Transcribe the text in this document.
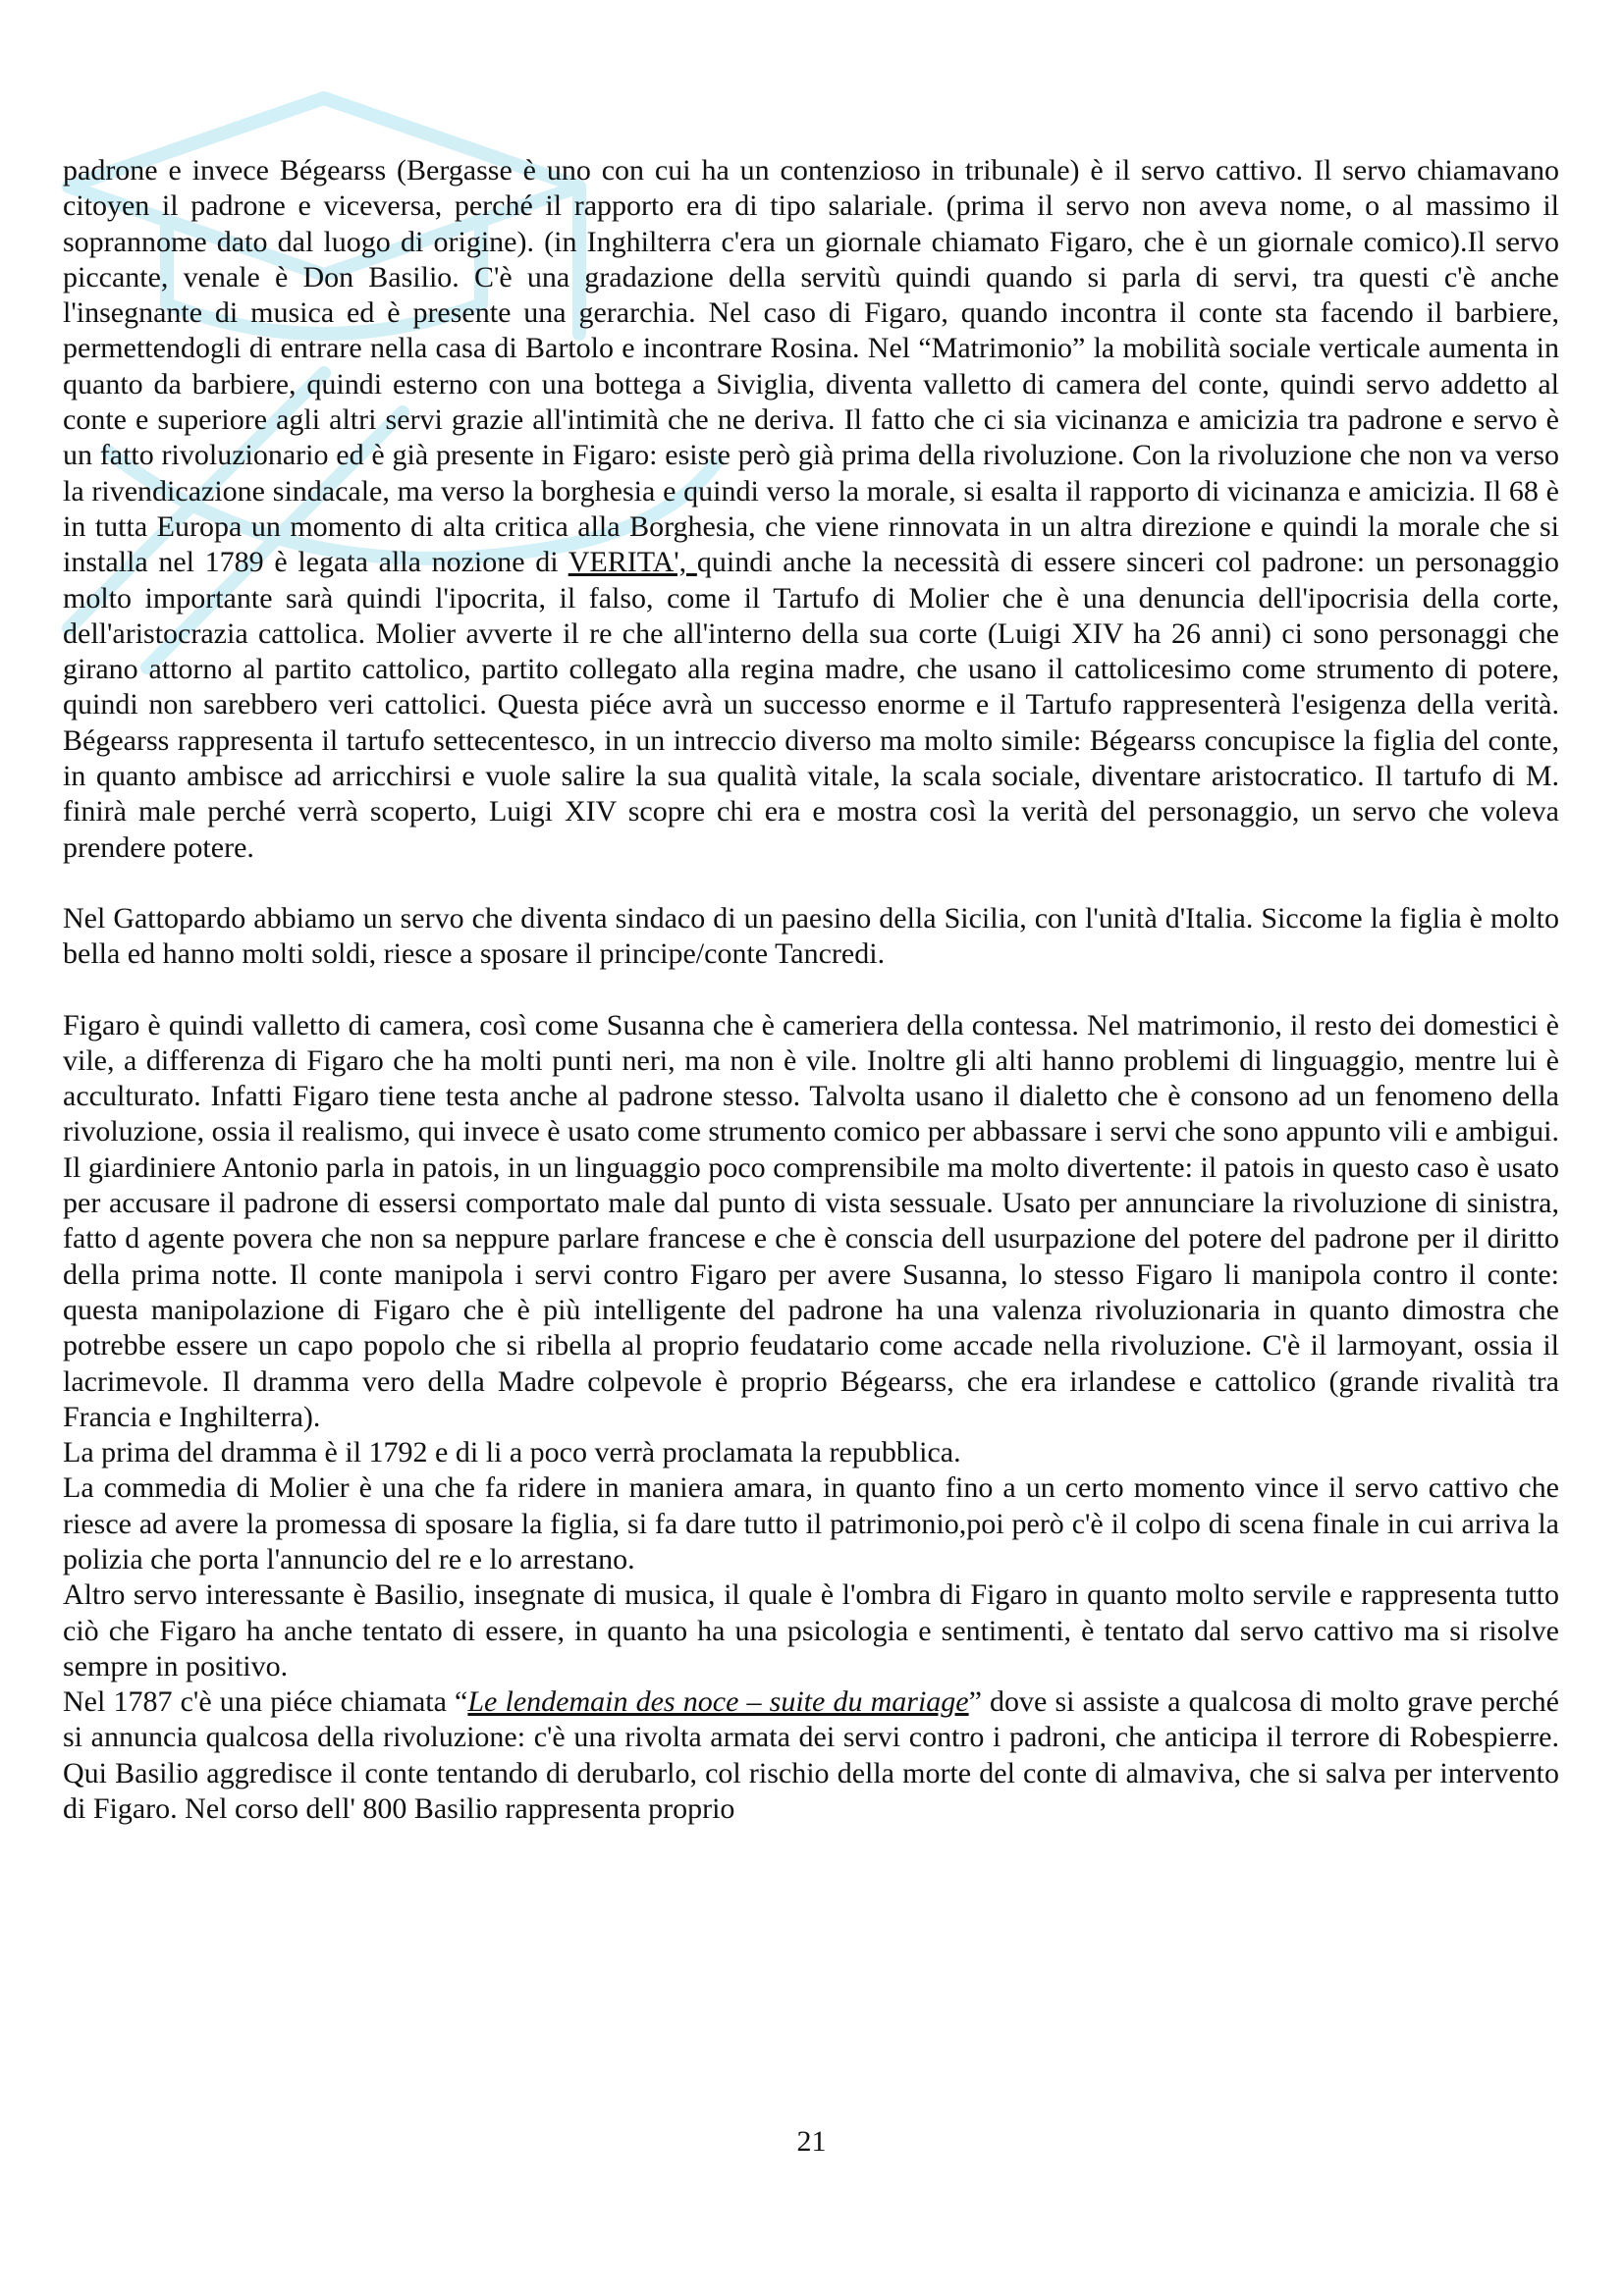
padrone e invece Bégearss (Bergasse è uno con cui ha un contenzioso in tribunale) è il servo cattivo. Il servo chiamavano citoyen il padrone e viceversa, perché il rapporto era di tipo salariale. (prima il servo non aveva nome, o al massimo il soprannome dato dal luogo di origine). (in Inghilterra c'era un giornale chiamato Figaro, che è un giornale comico).Il servo piccante, venale è Don Basilio. C'è una gradazione della servitù quindi quando si parla di servi, tra questi c'è anche l'insegnante di musica ed è presente una gerarchia. Nel caso di Figaro, quando incontra il conte sta facendo il barbiere, permettendogli di entrare nella casa di Bartolo e incontrare Rosina. Nel “Matrimonio” la mobilità sociale verticale aumenta in quanto da barbiere, quindi esterno con una bottega a Siviglia, diventa valletto di camera del conte, quindi servo addetto al conte e superiore agli altri servi grazie all'intimità che ne deriva. Il fatto che ci sia vicinanza e amicizia tra padrone e servo è un fatto rivoluzionario ed è già presente in Figaro: esiste però già prima della rivoluzione. Con la rivoluzione che non va verso la rivendicazione sindacale, ma verso la borghesia e quindi verso la morale, si esalta il rapporto di vicinanza e amicizia. Il 68 è in tutta Europa un momento di alta critica alla Borghesia, che viene rinnovata in un altra direzione e quindi la morale che si installa nel 1789 è legata alla nozione di VERITA', quindi anche la necessità di essere sinceri col padrone: un personaggio molto importante sarà quindi l'ipocrita, il falso, come il Tartufo di Molier che è una denuncia dell'ipocrisia della corte, dell'aristocrazia cattolica. Molier avverte il re che all'interno della sua corte (Luigi XIV ha 26 anni) ci sono personaggi che girano attorno al partito cattolico, partito collegato alla regina madre, che usano il cattolicesimo come strumento di potere, quindi non sarebbero veri cattolici. Questa piéce avrà un successo enorme e il Tartufo rappresenterà l'esigenza della verità. Bégearss rappresenta il tartufo settecentesco, in un intreccio diverso ma molto simile: Bégearss concupisce la figlia del conte, in quanto ambisce ad arricchirsi e vuole salire la sua qualità vitale, la scala sociale, diventare aristocratico. Il tartufo di M. finirà male perché verrà scoperto, Luigi XIV scopre chi era e mostra così la verità del personaggio, un servo che voleva prendere potere.

Nel Gattopardo abbiamo un servo che diventa sindaco di un paesino della Sicilia, con l'unità d'Italia. Siccome la figlia è molto bella ed hanno molti soldi, riesce a sposare il principe/conte Tancredi.

Figaro è quindi valletto di camera, così come Susanna che è cameriera della contessa. Nel matrimonio, il resto dei domestici è vile, a differenza di Figaro che ha molti punti neri, ma non è vile. Inoltre gli alti hanno problemi di linguaggio, mentre lui è acculturato. Infatti Figaro tiene testa anche al padrone stesso. Talvolta usano il dialetto che è consono ad un fenomeno della rivoluzione, ossia il realismo, qui invece è usato come strumento comico per abbassare i servi che sono appunto vili e ambigui. Il giardiniere Antonio parla in patois, in un linguaggio poco comprensibile ma molto divertente: il patois in questo caso è usato per accusare il padrone di essersi comportato male dal punto di vista sessuale. Usato per annunciare la rivoluzione di sinistra, fatto d agente povera che non sa neppure parlare francese e che è conscia dell usurpazione del potere del padrone per il diritto della prima notte. Il conte manipola i servi contro Figaro per avere Susanna, lo stesso Figaro li manipola contro il conte: questa manipolazione di Figaro che è più intelligente del padrone ha una valenza rivoluzionaria in quanto dimostra che potrebbe essere un capo popolo che si ribella al proprio feudatario come accade nella rivoluzione. C'è il larmoyant, ossia il lacrimevole. Il dramma vero della Madre colpevole è proprio Bégearss, che era irlandese e cattolico (grande rivalità tra Francia e Inghilterra).

La prima del dramma è il 1792 e di li a poco verrà proclamata la repubblica.

La commedia di Molier è una che fa ridere in maniera amara, in quanto fino a un certo momento vince il servo cattivo che riesce ad avere la promessa di sposare la figlia, si fa dare tutto il patrimonio,poi però c'è il colpo di scena finale in cui arriva la polizia che porta l'annuncio del re e lo arrestano.

Altro servo interessante è Basilio, insegnate di musica, il quale è l'ombra di Figaro in quanto molto servile e rappresenta tutto ciò che Figaro ha anche tentato di essere, in quanto ha una psicologia e sentimenti, è tentato dal servo cattivo ma si risolve sempre in positivo.

Nel 1787 c'è una piéce chiamata “Le lendemain des noce – suite du mariage” dove si assiste a qualcosa di molto grave perché si annuncia qualcosa della rivoluzione: c'è una rivolta armata dei servi contro i padroni, che anticipa il terrore di Robespierre. Qui Basilio aggredisce il conte tentando di derubarlo, col rischio della morte del conte di almaviva, che si salva per intervento di Figaro. Nel corso dell' 800 Basilio rappresenta proprio

21
